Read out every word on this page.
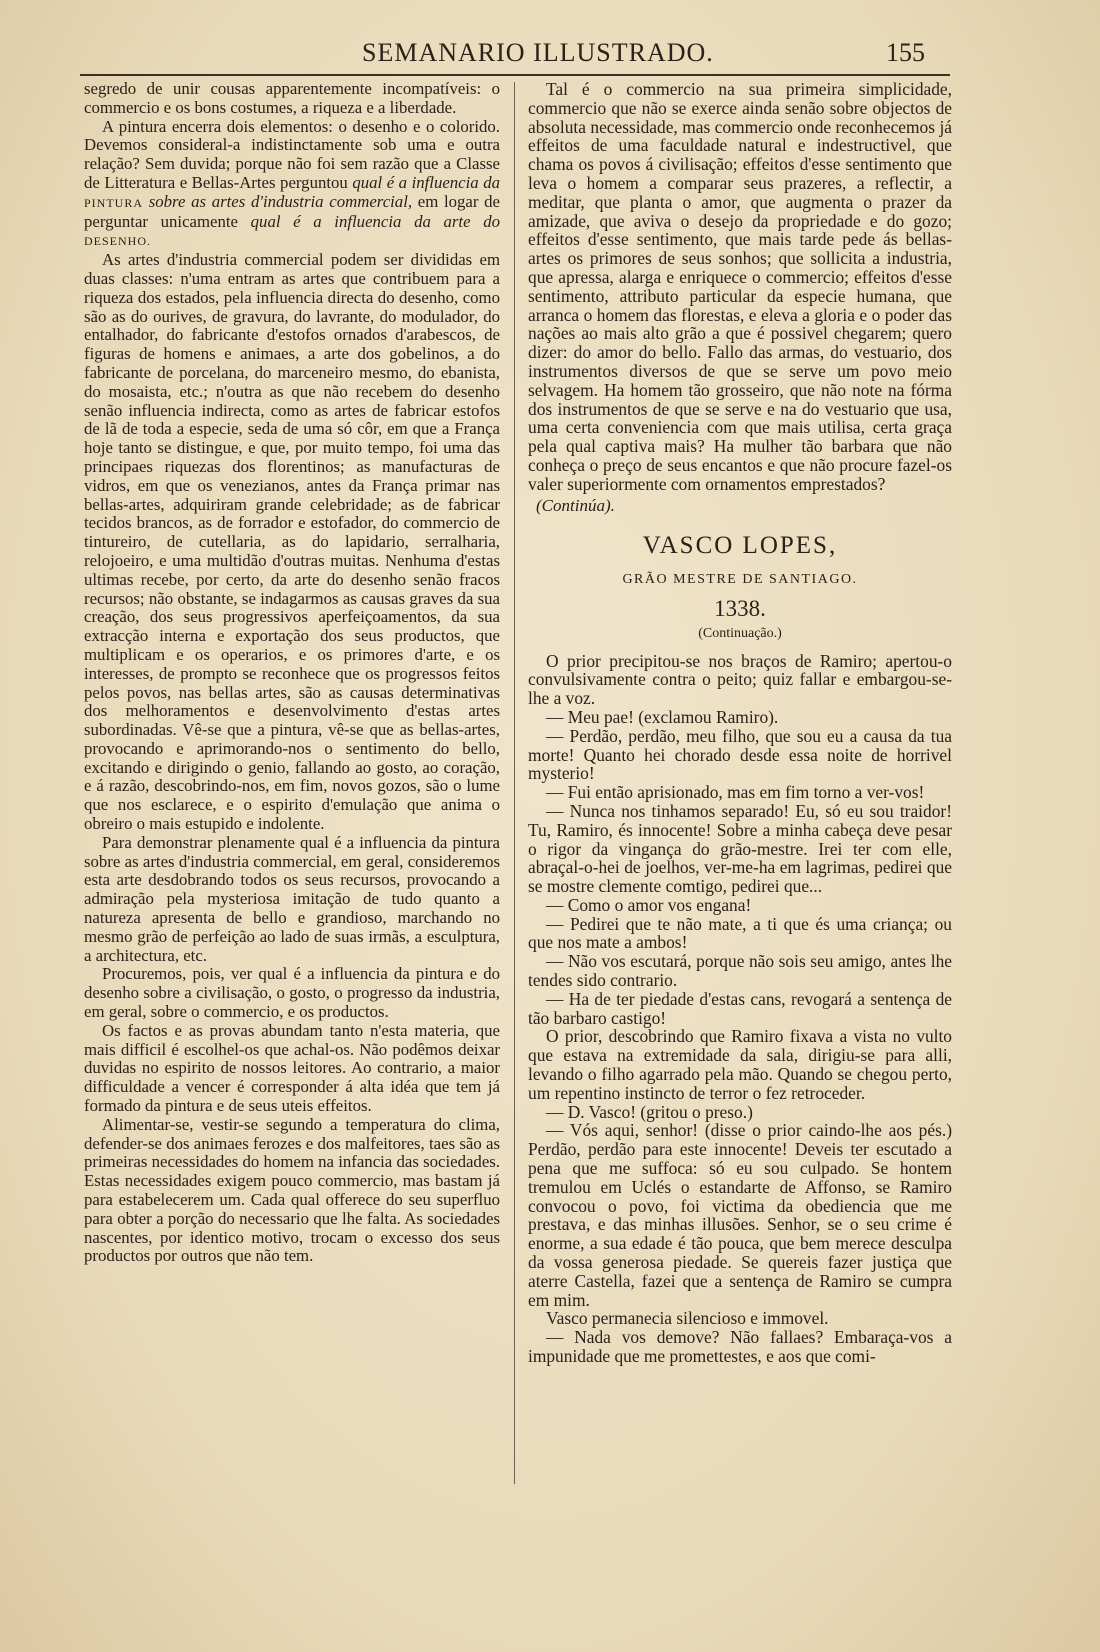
SEMANARIO ILLUSTRADO.	155

segredo de unir cousas apparentemente incompatíveis: o commercio e os bons costumes, a riqueza e a liberdade.

A pintura encerra dois elementos: o desenho e o colorido. Devemos consideral-a indistinctamente sob uma e outra relação? Sem duvida; porque não foi sem razão que a Classe de Litteratura e Bellas-Artes perguntou qual é a influencia da PINTURA sobre as artes d'industria commercial, em logar de perguntar unicamente qual é a influencia da arte do DESENHO.

As artes d'industria commercial podem ser divididas em duas classes: n'uma entram as artes que contribuem para a riqueza dos estados, pela influencia directa do desenho, como são as do ourives, de gravura, do lavrante, do modulador, do entalhador, do fabricante d'estofos ornados d'arabescos, de figuras de homens e animaes, a arte dos gobelinos, a do fabricante de porcelana, do marceneiro mesmo, do ebanista, do mosaista, etc.; n'outra as que não recebem do desenho senão influencia indirecta, como as artes de fabricar estofos de lã de toda a especie, seda de uma só côr, em que a França hoje tanto se distingue, e que, por muito tempo, foi uma das principaes riquezas dos florentinos; as manufacturas de vidros, em que os venezianos, antes da França primar nas bellas-artes, adquiriram grande celebridade; as de fabricar tecidos brancos, as de forrador e estofador, do commercio de tintureiro, de cutellaria, as do lapidario, serralharia, relojoeiro, e uma multidão d'outras muitas. Nenhuma d'estas ultimas recebe, por certo, da arte do desenho senão fracos recursos; não obstante, se indagarmos as causas graves da sua creação, dos seus progressivos aperfeiçoamentos, da sua extracção interna e exportação dos seus productos, que multiplicam e os operarios, e os primores d'arte, e os interesses, de prompto se reconhece que os progressos feitos pelos povos, nas bellas artes, são as causas determinativas dos melhoramentos e desenvolvimento d'estas artes subordinadas. Vê-se que a pintura, vê-se que as bellas-artes, provocando e aprimorando-nos o sentimento do bello, excitando e dirigindo o genio, fallando ao gosto, ao coração, e á razão, descobrindo-nos, em fim, novos gozos, são o lume que nos esclarece, e o espirito d'emulação que anima o obreiro o mais estupido e indolente.

Para demonstrar plenamente qual é a influencia da pintura sobre as artes d'industria commercial, em geral, consideremos esta arte desdobrando todos os seus recursos, provocando a admiração pela mysteriosa imitação de tudo quanto a natureza apresenta de bello e grandioso, marchando no mesmo grão de perfeição ao lado de suas irmãs, a esculptura, a architectura, etc.

Procuremos, pois, ver qual é a influencia da pintura e do desenho sobre a civilisação, o gosto, o progresso da industria, em geral, sobre o commercio, e os productos.

Os factos e as provas abundam tanto n'esta materia, que mais difficil é escolhel-os que achal-os. Não podêmos deixar duvidas no espirito de nossos leitores. Ao contrario, a maior difficuldade a vencer é corresponder á alta idéa que tem já formado da pintura e de seus uteis effeitos.

Alimentar-se, vestir-se segundo a temperatura do clima, defender-se dos animaes ferozes e dos malfeitores, taes são as primeiras necessidades do homem na infancia das sociedades. Estas necessidades exigem pouco commercio, mas bastam já para estabelecerem um. Cada qual offerece do seu superfluo para obter a porção do necessario que lhe falta. As sociedades nascentes, por identico motivo, trocam o excesso dos seus productos por outros que não tem.

Tal é o commercio na sua primeira simplicidade, commercio que não se exerce ainda senão sobre objectos de absoluta necessidade, mas commercio onde reconhecemos já effeitos de uma faculdade natural e indestructivel, que chama os povos á civilisação; effeitos d'esse sentimento que leva o homem a comparar seus prazeres, a reflectir, a meditar, que planta o amor, que augmenta o prazer da amizade, que aviva o desejo da propriedade e do gozo; effeitos d'esse sentimento, que mais tarde pede ás bellas-artes os primores de seus sonhos; que sollicita a industria, que apressa, alarga e enriquece o commercio; effeitos d'esse sentimento, attributo particular da especie humana, que arranca o homem das florestas, e eleva a gloria e o poder das nações ao mais alto grão a que é possivel chegarem; quero dizer: do amor do bello. Fallo das armas, do vestuario, dos instrumentos diversos de que se serve um povo meio selvagem. Ha homem tão grosseiro, que não note na fórma dos instrumentos de que se serve e na do vestuario que usa, uma certa conveniencia com que mais utilisa, certa graça pela qual captiva mais? Ha mulher tão barbara que não conheça o preço de seus encantos e que não procure fazel-os valer superiormente com ornamentos emprestados?

(Continúa).
VASCO LOPES,
GRÃO MESTRE DE SANTIAGO.
1338.
(Continuação.)

O prior precipitou-se nos braços de Ramiro; apertou-o convulsivamente contra o peito; quiz fallar e embargou-se-lhe a voz.

— Meu pae! (exclamou Ramiro).

— Perdão, perdão, meu filho, que sou eu a causa da tua morte! Quanto hei chorado desde essa noite de horrivel mysterio!

— Fui então aprisionado, mas em fim torno a ver-vos!

— Nunca nos tinhamos separado! Eu, só eu sou traidor! Tu, Ramiro, és innocente! Sobre a minha cabeça deve pesar o rigor da vingança do grão-mestre. Irei ter com elle, abraçal-o-hei de joelhos, ver-me-ha em lagrimas, pedirei que se mostre clemente comtigo, pedirei que...

— Como o amor vos engana!

— Pedirei que te não mate, a ti que és uma criança; ou que nos mate a ambos!

— Não vos escutará, porque não sois seu amigo, antes lhe tendes sido contrario.

— Ha de ter piedade d'estas cans, revogará a sentença de tão barbaro castigo!

O prior, descobrindo que Ramiro fixava a vista no vulto que estava na extremidade da sala, dirigiu-se para alli, levando o filho agarrado pela mão. Quando se chegou perto, um repentino instincto de terror o fez retroceder.

— D. Vasco! (gritou o preso.)

— Vós aqui, senhor! (disse o prior caindo-lhe aos pés.) Perdão, perdão para este innocente! Deveis ter escutado a pena que me suffoca: só eu sou culpado. Se hontem tremulou em Uclés o estandarte de Affonso, se Ramiro convocou o povo, foi victima da obediencia que me prestava, e das minhas illusões. Senhor, se o seu crime é enorme, a sua edade é tão pouca, que bem merece desculpa da vossa generosa piedade. Se quereis fazer justiça que aterre Castella, fazei que a sentença de Ramiro se cumpra em mim.

Vasco permanecia silencioso e immovel.

— Nada vos demove? Não fallaes? Embaraça-vos a impunidade que me promettestes, e aos que comi-
